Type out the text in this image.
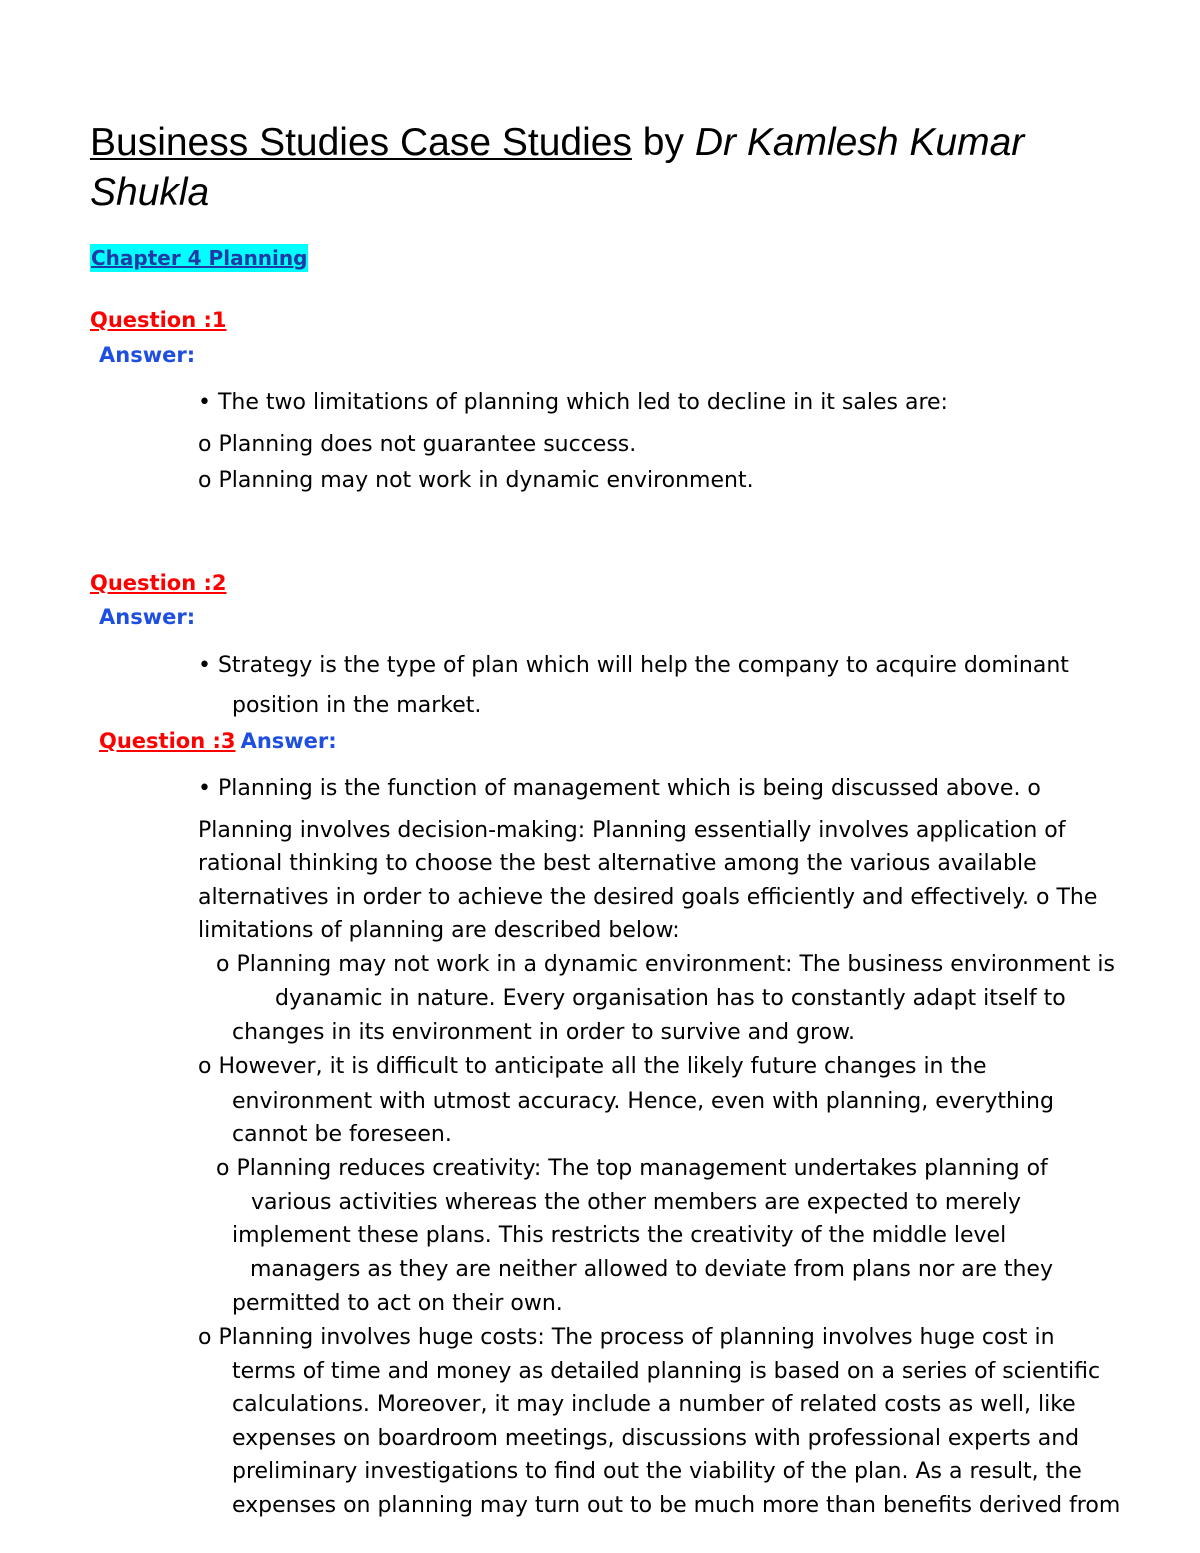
Business Studies Case Studies by Dr Kamlesh Kumar
Shukla
Chapter 4 Planning
Question :1
Answer:
• The two limitations of planning which led to decline in it sales are:
o Planning does not guarantee success.
o Planning may not work in dynamic environment.
Question :2
Answer:
• Strategy is the type of plan which will help the company to acquire dominant
position in the market.
Question :3 Answer:
• Planning is the function of management which is being discussed above. o
Planning involves decision-making: Planning essentially involves application of
rational thinking to choose the best alternative among the various available
alternatives in order to achieve the desired goals efficiently and effectively. o The
limitations of planning are described below:
o Planning may not work in a dynamic environment: The business environment is
dyanamic in nature. Every organisation has to constantly adapt itself to
changes in its environment in order to survive and grow.
o However, it is difficult to anticipate all the likely future changes in the
environment with utmost accuracy. Hence, even with planning, everything
cannot be foreseen.
o Planning reduces creativity: The top management undertakes planning of
various activities whereas the other members are expected to merely
implement these plans. This restricts the creativity of the middle level
managers as they are neither allowed to deviate from plans nor are they
permitted to act on their own.
o Planning involves huge costs: The process of planning involves huge cost in
terms of time and money as detailed planning is based on a series of scientific
calculations. Moreover, it may include a number of related costs as well, like
expenses on boardroom meetings, discussions with professional experts and
preliminary investigations to find out the viability of the plan. As a result, the
expenses on planning may turn out to be much more than benefits derived from
